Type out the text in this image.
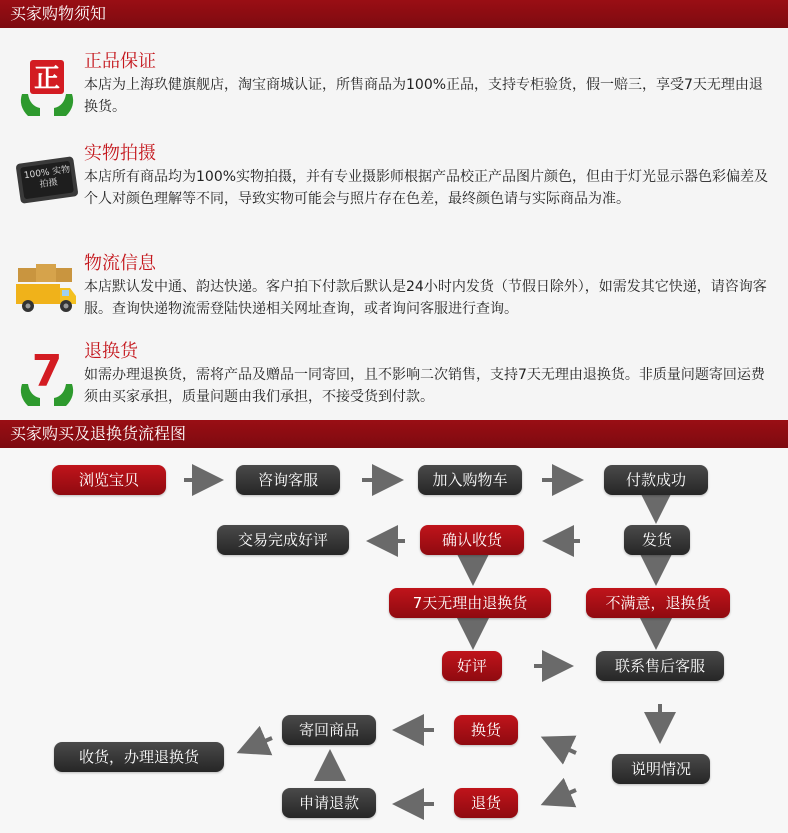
买家购物须知
正
正品保证
本店为上海玖健旗舰店，淘宝商城认证，所售商品为100%正品，支持专柜验货，假一赔三，享受7天无理由退换货。
100% 实物拍摄
实物拍摄
本店所有商品均为100%实物拍摄，并有专业摄影师根据产品校正产品图片颜色，但由于灯光显示器色彩偏差及个人对颜色理解等不同，导致实物可能会与照片存在色差，最终颜色请与实际商品为准。
物流信息
本店默认发中通、韵达快递。客户拍下付款后默认是24小时内发货（节假日除外），如需发其它快递，请咨询客服。查询快递物流需登陆快递相关网址查询，或者询问客服进行查询。
7 退换货
如需办理退换货，需将产品及赠品一同寄回，且不影响二次销售，支持7天无理由退换货。非质量问题寄回运费须由买家承担，质量问题由我们承担，不接受货到付款。
买家购买及退换货流程图
浏览宝贝	咨询客服	加入购物车	付款成功
交易完成好评	确认收货	发货
7天无理由退换货	不满意，退换货
好评	联系售后客服
换货
寄回商品
收货，办理退换货
说明情况
退货
申请退款
